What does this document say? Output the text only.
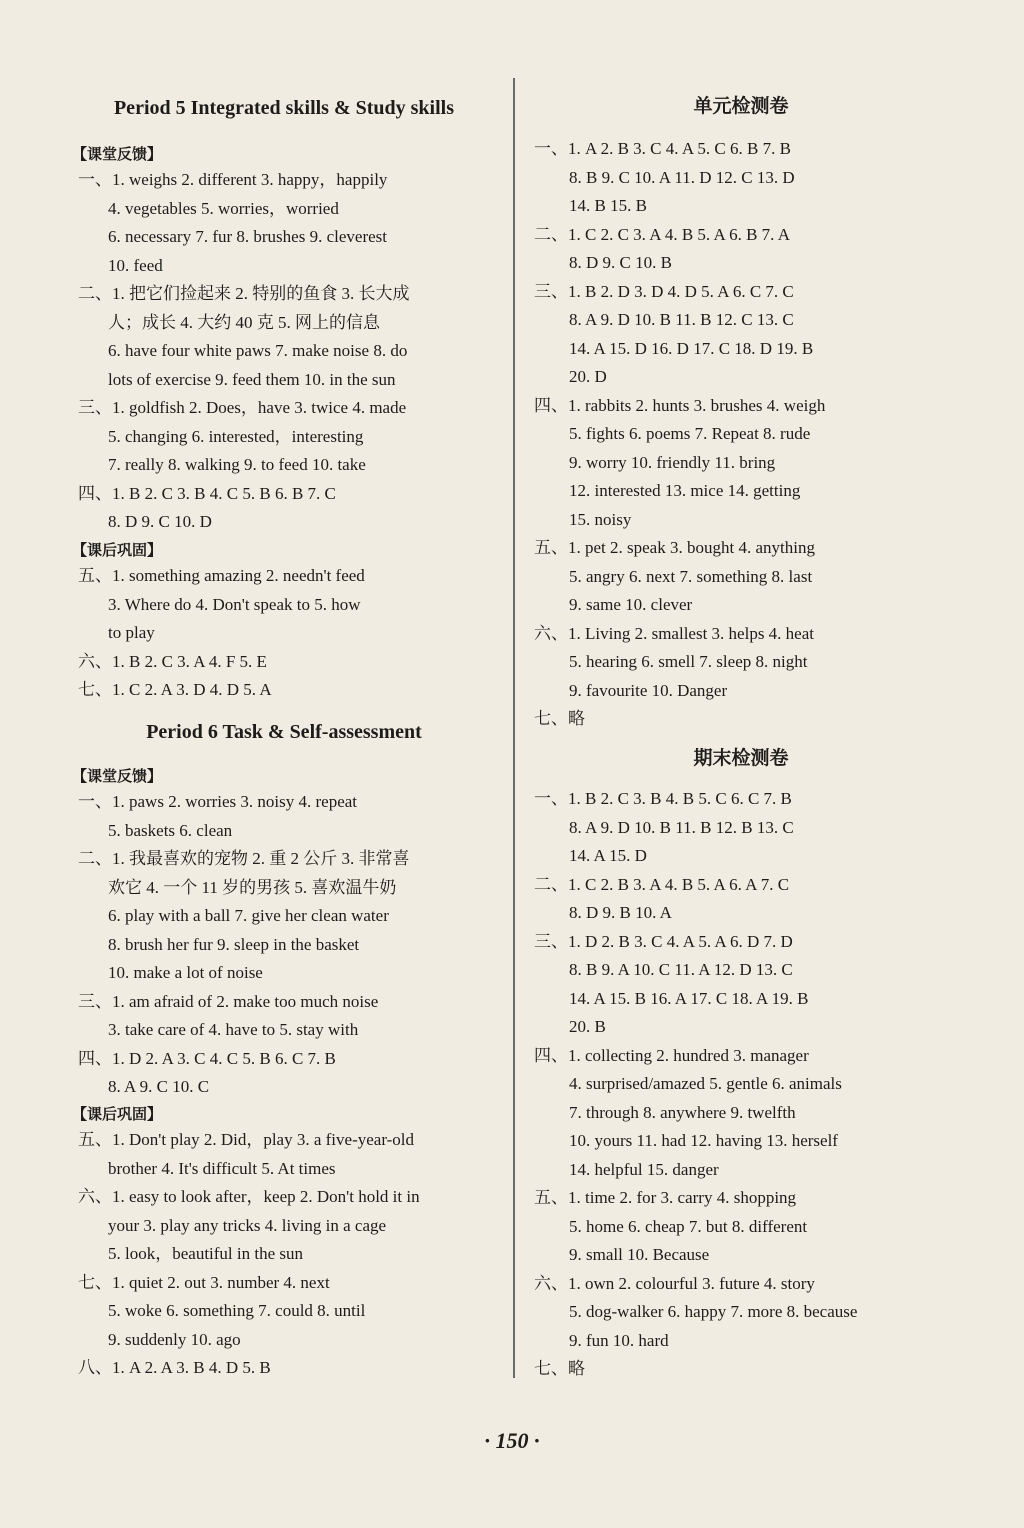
Period 5 Integrated skills & Study skills
【课堂反馈】
一、1. weighs 2. different 3. happy，happily
4. vegetables 5. worries，worried
6. necessary 7. fur 8. brushes 9. cleverest
10. feed
二、1. 把它们捡起来 2. 特别的鱼食 3. 长大成
人；成长 4. 大约 40 克 5. 网上的信息
6. have four white paws 7. make noise 8. do
lots of exercise 9. feed them 10. in the sun
三、1. goldfish 2. Does，have 3. twice 4. made
5. changing 6. interested，interesting
7. really 8. walking 9. to feed 10. take
四、1. B 2. C 3. B 4. C 5. B 6. B 7. C
8. D 9. C 10. D
【课后巩固】
五、1. something amazing 2. needn't feed
3. Where do 4. Don't speak to 5. how
to play
六、1. B 2. C 3. A 4. F 5. E
七、1. C 2. A 3. D 4. D 5. A
Period 6 Task & Self-assessment
【课堂反馈】
一、1. paws 2. worries 3. noisy 4. repeat
5. baskets 6. clean
二、1. 我最喜欢的宠物 2. 重 2 公斤 3. 非常喜
欢它 4. 一个 11 岁的男孩 5. 喜欢温牛奶
6. play with a ball 7. give her clean water
8. brush her fur 9. sleep in the basket
10. make a lot of noise
三、1. am afraid of 2. make too much noise
3. take care of 4. have to 5. stay with
四、1. D 2. A 3. C 4. C 5. B 6. C 7. B
8. A 9. C 10. C
【课后巩固】
五、1. Don't play 2. Did，play 3. a five-year-old
brother 4. It's difficult 5. At times
六、1. easy to look after，keep 2. Don't hold it in
your 3. play any tricks 4. living in a cage
5. look，beautiful in the sun
七、1. quiet 2. out 3. number 4. next
5. woke 6. something 7. could 8. until
9. suddenly 10. ago
八、1. A 2. A 3. B 4. D 5. B
单元检测卷
一、1. A 2. B 3. C 4. A 5. C 6. B 7. B
8. B 9. C 10. A 11. D 12. C 13. D
14. B 15. B
二、1. C 2. C 3. A 4. B 5. A 6. B 7. A
8. D 9. C 10. B
三、1. B 2. D 3. D 4. D 5. A 6. C 7. C
8. A 9. D 10. B 11. B 12. C 13. C
14. A 15. D 16. D 17. C 18. D 19. B
20. D
四、1. rabbits 2. hunts 3. brushes 4. weigh
5. fights 6. poems 7. Repeat 8. rude
9. worry 10. friendly 11. bring
12. interested 13. mice 14. getting
15. noisy
五、1. pet 2. speak 3. bought 4. anything
5. angry 6. next 7. something 8. last
9. same 10. clever
六、1. Living 2. smallest 3. helps 4. heat
5. hearing 6. smell 7. sleep 8. night
9. favourite 10. Danger
七、略
期末检测卷
一、1. B 2. C 3. B 4. B 5. C 6. C 7. B
8. A 9. D 10. B 11. B 12. B 13. C
14. A 15. D
二、1. C 2. B 3. A 4. B 5. A 6. A 7. C
8. D 9. B 10. A
三、1. D 2. B 3. C 4. A 5. A 6. D 7. D
8. B 9. A 10. C 11. A 12. D 13. C
14. A 15. B 16. A 17. C 18. A 19. B
20. B
四、1. collecting 2. hundred 3. manager
4. surprised/amazed 5. gentle 6. animals
7. through 8. anywhere 9. twelfth
10. yours 11. had 12. having 13. herself
14. helpful 15. danger
五、1. time 2. for 3. carry 4. shopping
5. home 6. cheap 7. but 8. different
9. small 10. Because
六、1. own 2. colourful 3. future 4. story
5. dog-walker 6. happy 7. more 8. because
9. fun 10. hard
七、略
· 150 ·
